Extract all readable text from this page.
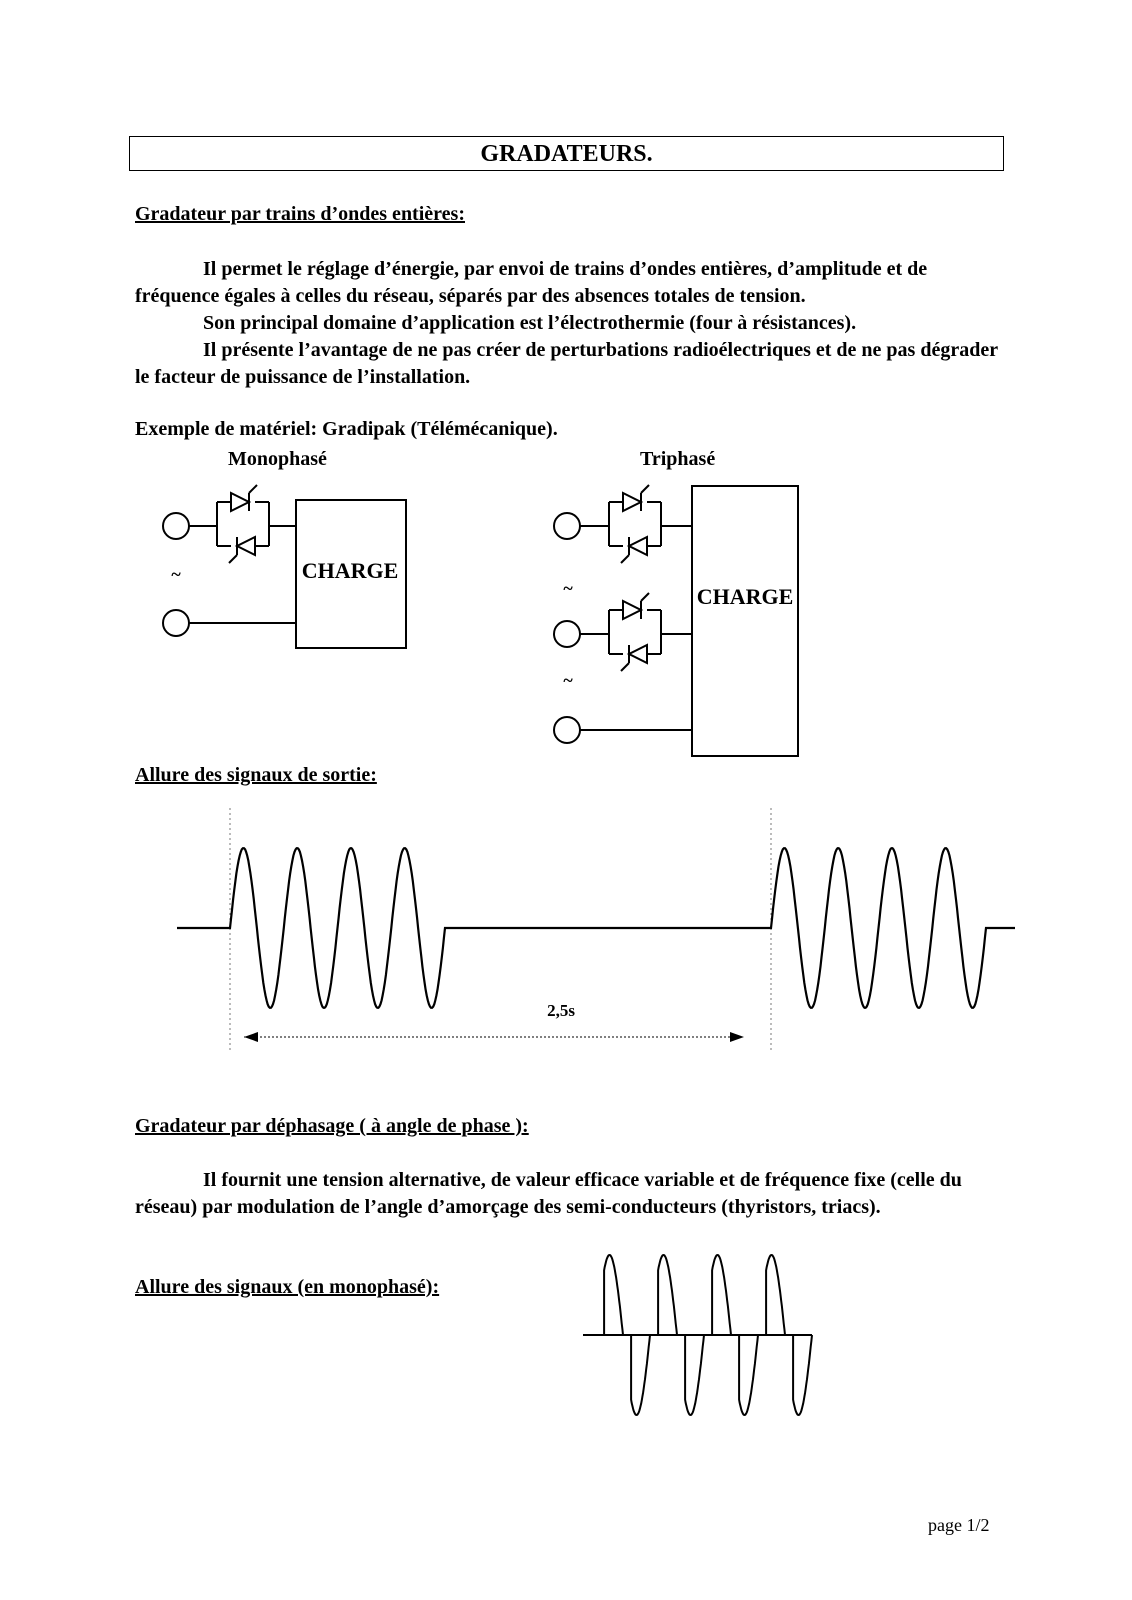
GRADATEURS.
Gradateur par trains d’ondes entières:

Il permet le réglage d’énergie, par envoi de trains d’ondes entières, d’amplitude et de fréquence égales à celles du réseau, séparés par des absences totales de tension.

Son principal domaine d’application est l’électrothermie (four à résistances).

Il présente l’avantage de ne pas créer de perturbations radioélectriques et de ne pas dégrader le facteur de puissance de l’installation.

Exemple de matériel: Gradipak (Télémécanique).
Monophasé	Triphasé
Allure des signaux de sortie:
Gradateur par déphasage ( à angle de phase ):

Il fournit une tension alternative, de valeur efficace variable et de fréquence fixe (celle du réseau) par modulation de l’angle d’amorçage des semi-conducteurs (thyristors, triacs).

Allure des signaux (en monophasé):
page 1/2
CHARGE
~
CHARGE
~
~
2,5s
